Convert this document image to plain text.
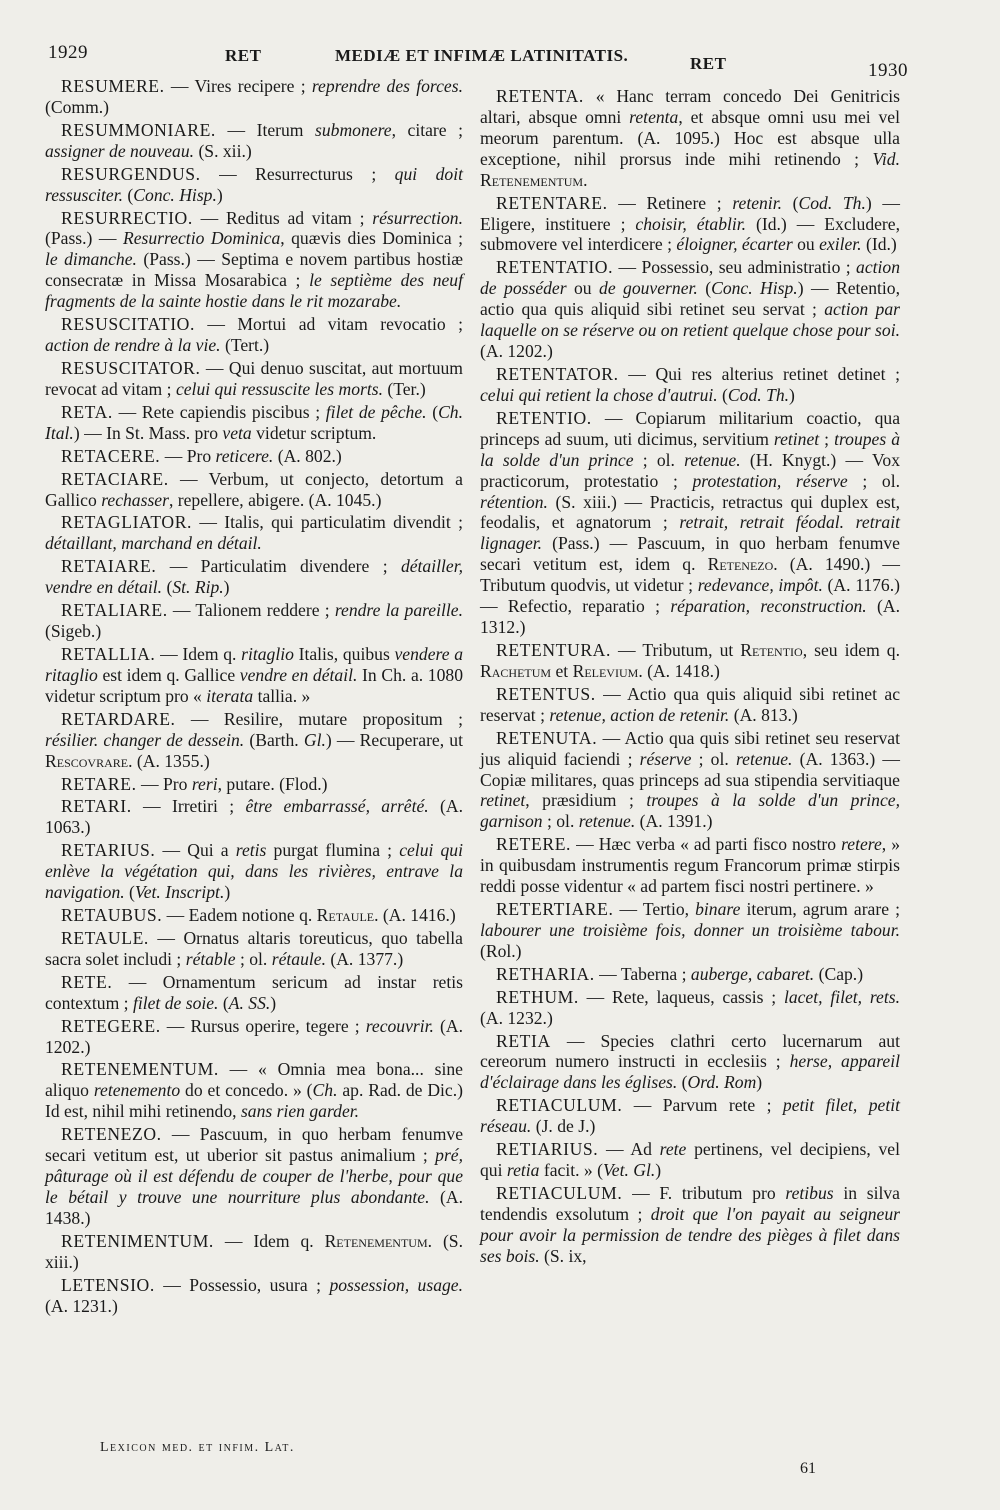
1929	RET	MEDIÆ ET INFIMÆ LATINITATIS.	RET	1930

RESUMERE. — Vires recipere ; reprendre des forces. (Comm.)

RESUMMONIARE. — Iterum submonere, citare ; assigner de nouveau. (S. xii.)

RESURGENDUS. — Resurrecturus ; qui doit ressusciter. (Conc. Hisp.)

RESURRECTIO. — Reditus ad vitam ; résurrection. (Pass.) — Resurrectio Dominica, quævis dies Dominica ; le dimanche. (Pass.) — Septima e novem partibus hostiæ consecratæ in Missa Mosarabica ; le septième des neuf fragments de la sainte hostie dans le rit mozarabe.

RESUSCITATIO. — Mortui ad vitam revocatio ; action de rendre à la vie. (Tert.)

RESUSCITATOR. — Qui denuo suscitat, aut mortuum revocat ad vitam ; celui qui ressuscite les morts. (Ter.)

RETA. — Rete capiendis piscibus ; filet de pêche. (Ch. Ital.) — In St. Mass. pro veta videtur scriptum.

RETACERE. — Pro reticere. (A. 802.)

RETACIARE. — Verbum, ut conjecto, detortum a Gallico rechasser, repellere, abigere. (A. 1045.)

RETAGLIATOR. — Italis, qui particulatim divendit ; détaillant, marchand en détail.

RETAIARE. — Particulatim divendere ; détailler, vendre en détail. (St. Rip.)

RETALIARE. — Talionem reddere ; rendre la pareille. (Sigeb.)

RETALLIA. — Idem q. ritaglio Italis, quibus vendere a ritaglio est idem q. Gallice vendre en détail. In Ch. a. 1080 videtur scriptum pro « iterata tallia. »

RETARDARE. — Resilire, mutare propositum ; résilier. changer de dessein. (Barth. Gl.) — Recuperare, ut Rescovrare. (A. 1355.)

RETARE. — Pro reri, putare. (Flod.)

RETARI. — Irretiri ; être embarrassé, arrêté. (A. 1063.)

RETARIUS. — Qui a retis purgat flumina ; celui qui enlève la végétation qui, dans les rivières, entrave la navigation. (Vet. Inscript.)

RETAUBUS. — Eadem notione q. Retaule. (A. 1416.)

RETAULE. — Ornatus altaris toreuticus, quo tabella sacra solet includi ; rétable ; ol. rétaule. (A. 1377.)

RETE. — Ornamentum sericum ad instar retis contextum ; filet de soie. (A. SS.)

RETEGERE. — Rursus operire, tegere ; recouvrir. (A. 1202.)

RETENEMENTUM. — « Omnia mea bona... sine aliquo retenemento do et concedo. » (Ch. ap. Rad. de Dic.) Id est, nihil mihi retinendo, sans rien garder.

RETENEZO. — Pascuum, in quo herbam fenumve secari vetitum est, ut uberior sit pastus animalium ; pré, pâturage où il est défendu de couper de l'herbe, pour que le bétail y trouve une nourriture plus abondante. (A. 1438.)

RETENIMENTUM. — Idem q. Retenementum. (S. xiii.)

LETENSIO. — Possessio, usura ; possession, usage. (A. 1231.)

RETENTA. « Hanc terram concedo Dei Genitricis altari, absque omni retenta, et absque omni usu mei vel meorum parentum. (A. 1095.) Hoc est absque ulla exceptione, nihil prorsus inde mihi retinendo ; Vid. Retenementum.

RETENTARE. — Retinere ; retenir. (Cod. Th.) — Eligere, instituere ; choisir, établir. (Id.) — Excludere, submovere vel interdicere ; éloigner, écarter ou exiler. (Id.)

RETENTATIO. — Possessio, seu administratio ; action de posséder ou de gouverner. (Conc. Hisp.) — Retentio, actio qua quis aliquid sibi retinet seu servat ; action par laquelle on se réserve ou on retient quelque chose pour soi. (A. 1202.)

RETENTATOR. — Qui res alterius retinet detinet ; celui qui retient la chose d'autrui. (Cod. Th.)

RETENTIO. — Copiarum militarium coactio, qua princeps ad suum, uti dicimus, servitium retinet ; troupes à la solde d'un prince ; ol. retenue. (H. Knygt.) — Vox practicorum, protestatio ; protestation, réserve ; ol. rétention. (S. xiii.) — Practicis, retractus qui duplex est, feodalis, et agnatorum ; retrait, retrait féodal. retrait lignager. (Pass.) — Pascuum, in quo herbam fenumve secari vetitum est, idem q. Retenezo. (A. 1490.) — Tributum quodvis, ut videtur ; redevance, impôt. (A. 1176.) — Refectio, reparatio ; réparation, reconstruction. (A. 1312.)

RETENTURA. — Tributum, ut Retentio, seu idem q. Rachetum et Relevium. (A. 1418.)

RETENTUS. — Actio qua quis aliquid sibi retinet ac reservat ; retenue, action de retenir. (A. 813.)

RETENUTA. — Actio qua quis sibi retinet seu reservat jus aliquid faciendi ; réserve ; ol. retenue. (A. 1363.) — Copiæ militares, quas princeps ad sua stipendia servitiaque retinet, præsidium ; troupes à la solde d'un prince, garnison ; ol. retenue. (A. 1391.)

RETERE. — Hæc verba « ad parti fisco nostro retere, » in quibusdam instrumentis regum Francorum primæ stirpis reddi posse videntur « ad partem fisci nostri pertinere. »

RETERTIARE. — Tertio, binare iterum, agrum arare ; labourer une troisième fois, donner un troisième tabour. (Rol.)

RETHARIA. — Taberna ; auberge, cabaret. (Cap.)

RETHUM. — Rete, laqueus, cassis ; lacet, filet, rets. (A. 1232.)

RETIA — Species clathri certo lucernarum aut cereorum numero instructi in ecclesiis ; herse, appareil d'éclairage dans les églises. (Ord. Rom)

RETIACULUM. — Parvum rete ; petit filet, petit réseau. (J. de J.)

RETIARIUS. — Ad rete pertinens, vel decipiens, vel qui retia facit. » (Vet. Gl.)

RETIACULUM. — F. tributum pro retibus in silva tendendis exsolutum ; droit que l'on payait au seigneur pour avoir la permission de tendre des pièges à filet dans ses bois. (S. ix,

Lexicon med. et infim. Lat.
61
